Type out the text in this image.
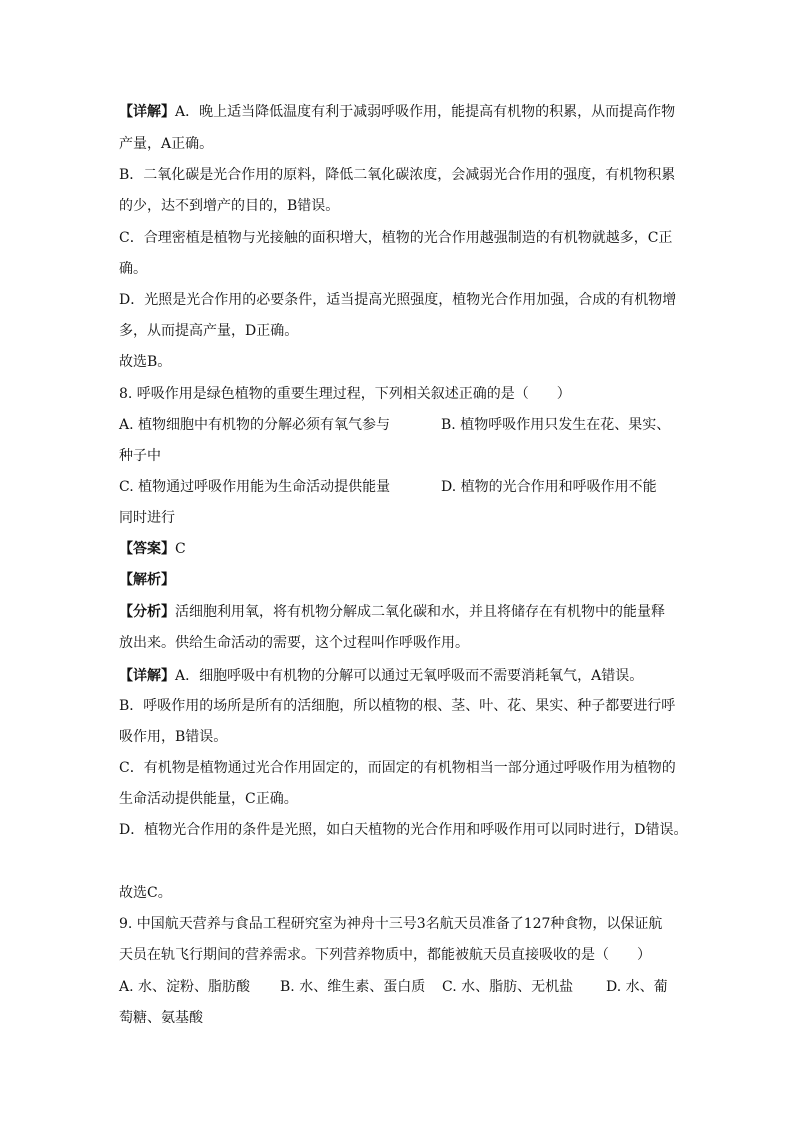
【详解】A．晚上适当降低温度有利于减弱呼吸作用，能提高有机物的积累，从而提高作物
产量，A正确。
B．二氧化碳是光合作用的原料，降低二氧化碳浓度，会减弱光合作用的强度，有机物积累
的少，达不到增产的目的，B错误。
C．合理密植是植物与光接触的面积增大，植物的光合作用越强制造的有机物就越多，C正
确。
D．光照是光合作用的必要条件，适当提高光照强度，植物光合作用加强，合成的有机物增
多，从而提高产量，D正确。
故选B。
8. 呼吸作用是绿色植物的重要生理过程，下列相关叙述正确的是（　　）
A. 植物细胞中有机物的分解必须有氧气参与	B. 植物呼吸作用只发生在花、果实、
种子中
C. 植物通过呼吸作用能为生命活动提供能量	D. 植物的光合作用和呼吸作用不能
同时进行
【答案】C
【解析】
【分析】活细胞利用氧，将有机物分解成二氧化碳和水，并且将储存在有机物中的能量释
放出来。供给生命活动的需要，这个过程叫作呼吸作用。
【详解】A．细胞呼吸中有机物的分解可以通过无氧呼吸而不需要消耗氧气，A错误。
B．呼吸作用的场所是所有的活细胞，所以植物的根、茎、叶、花、果实、种子都要进行呼
吸作用，B错误。
C．有机物是植物通过光合作用固定的，而固定的有机物相当一部分通过呼吸作用为植物的
生命活动提供能量，C正确。
D．植物光合作用的条件是光照，如白天植物的光合作用和呼吸作用可以同时进行，D错误。
故选C。
9. 中国航天营养与食品工程研究室为神舟十三号3名航天员准备了127种食物，以保证航
天员在轨飞行期间的营养需求。下列营养物质中，都能被航天员直接吸收的是（　　）
A. 水、淀粉、脂肪酸 B. 水、维生素、蛋白质 C. 水、脂肪、无机盐 D. 水、葡
萄糖、氨基酸
